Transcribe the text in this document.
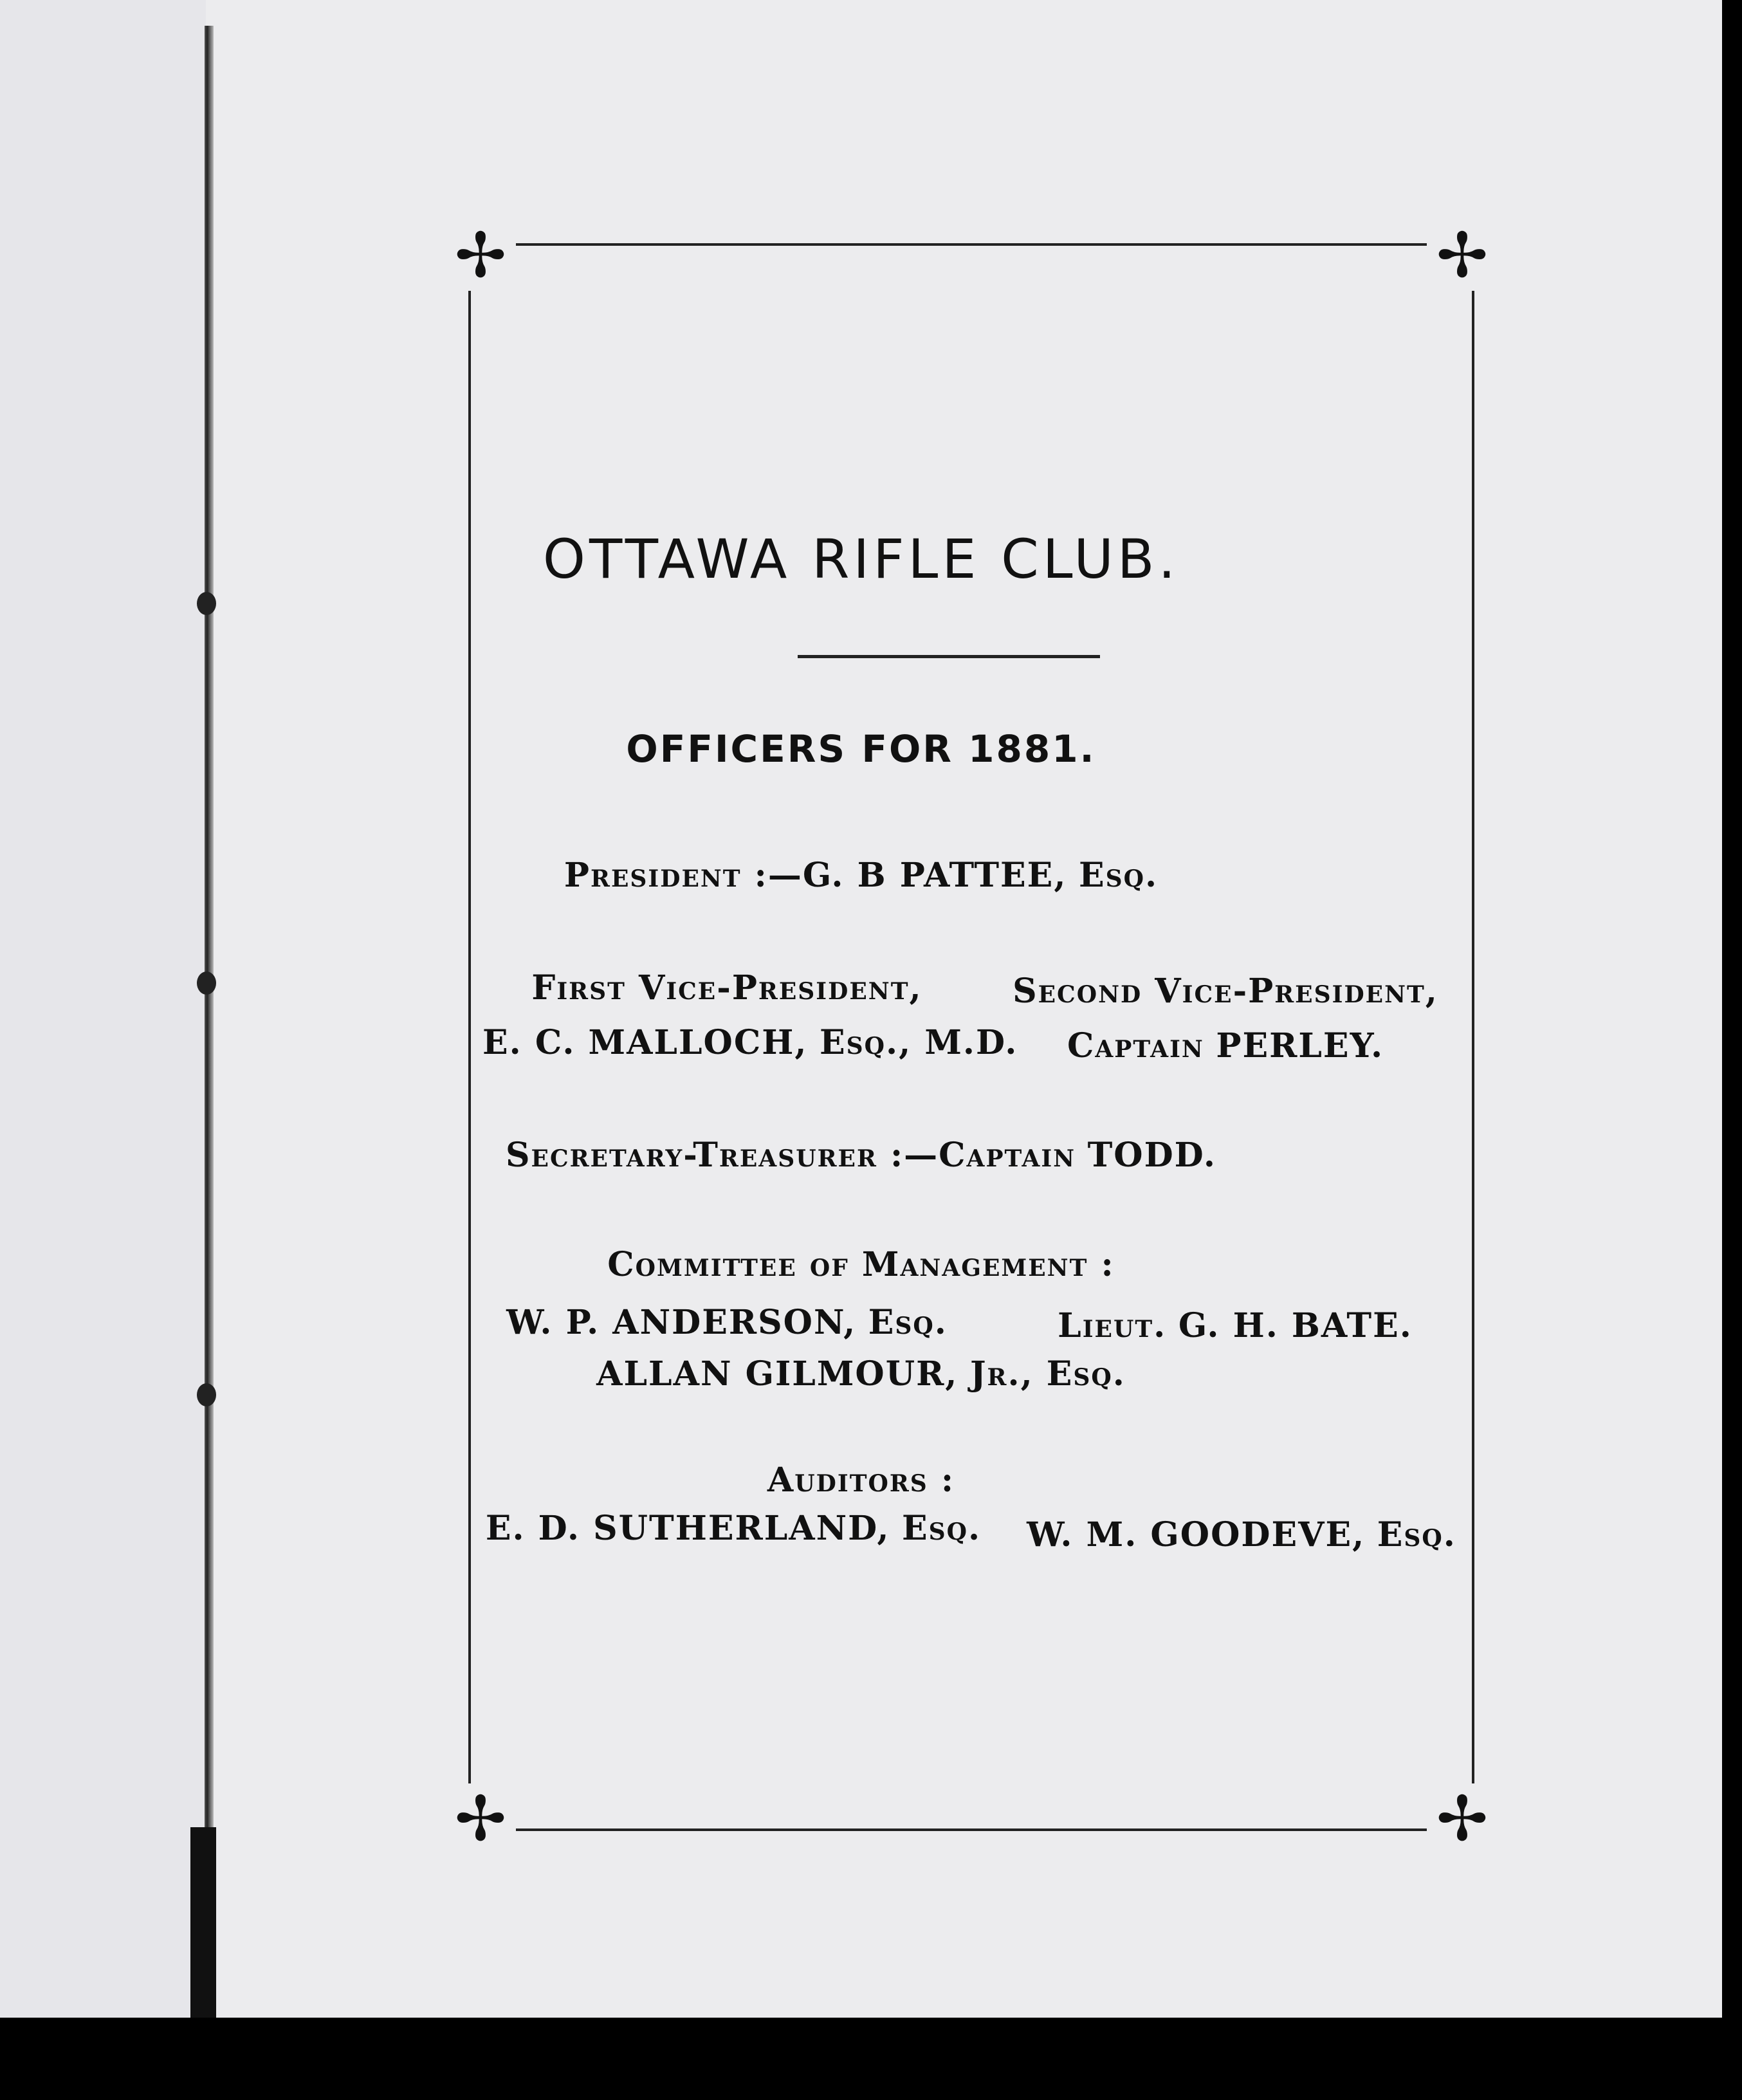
✢	✢
✢	✢
OTTAWA RIFLE CLUB.
OFFICERS FOR 1881.
President :—G. B PATTEE, Esq.
First Vice-President,
E. C. MALLOCH, Esq., M.D.
Second Vice-President,
Captain PERLEY.
Secretary-Treasurer :—Captain TODD.
Committee of Management :
W. P. ANDERSON, Esq.	Lieut. G. H. BATE.
ALLAN GILMOUR, Jr., Esq.
Auditors :
E. D. SUTHERLAND, Esq.	W. M. GOODEVE, Esq.
